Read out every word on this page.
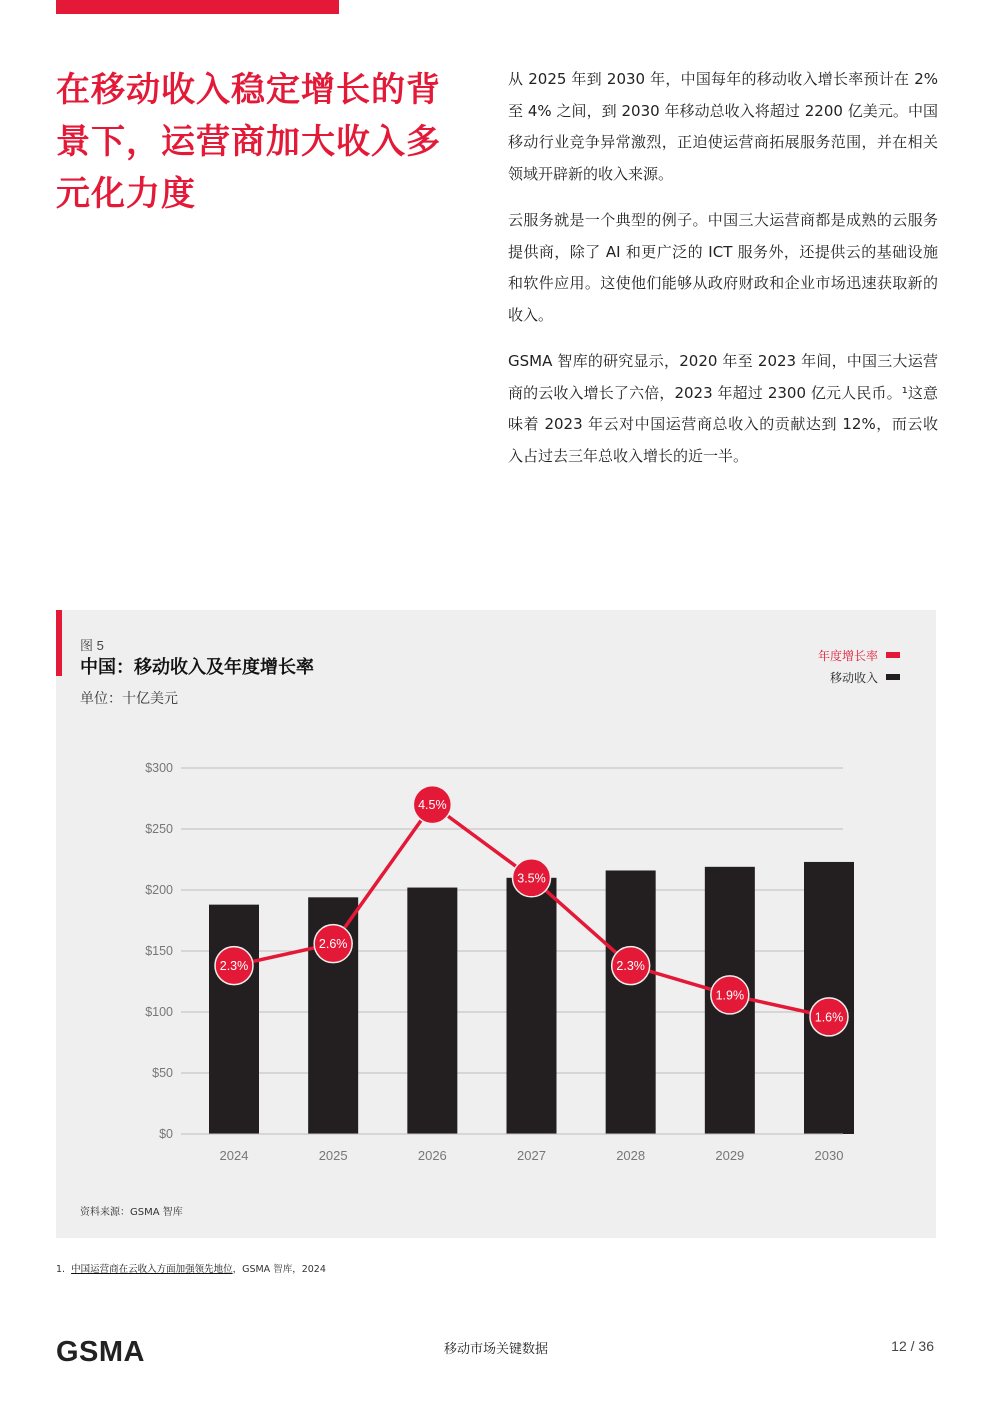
在移动收入稳定增长的背景下，运营商加大收入多元化力度

从 2025 年到 2030 年，中国每年的移动收入增长率预计在 2% 至 4% 之间，到 2030 年移动总收入将超过 2200 亿美元。中国移动行业竞争异常激烈，正迫使运营商拓展服务范围，并在相关领域开辟新的收入来源。

云服务就是一个典型的例子。中国三大运营商都是成熟的云服务提供商，除了 AI 和更广泛的 ICT 服务外，还提供云的基础设施和软件应用。这使他们能够从政府财政和企业市场迅速获取新的收入。

GSMA 智库的研究显示，2020 年至 2023 年间，中国三大运营商的云收入增长了六倍，2023 年超过 2300 亿元人民币。¹这意味着 2023 年云对中国运营商总收入的贡献达到 12%，而云收入占过去三年总收入增长的近一半。

图 5
中国：移动收入及年度增长率
单位：十亿美元
年度增长率
移动收入
$0
$50
$100
$150
$200
$250
$300
2024	2025	2026	2027	2028	2029	2030
2.3%
2.6%
4.5%
3.5%
2.3%
1.9%
1.6%
资料来源：GSMA 智库
1. 中国运营商在云收入方面加强领先地位，GSMA 智库，2024
GSMA	移动市场关键数据	12 / 36
